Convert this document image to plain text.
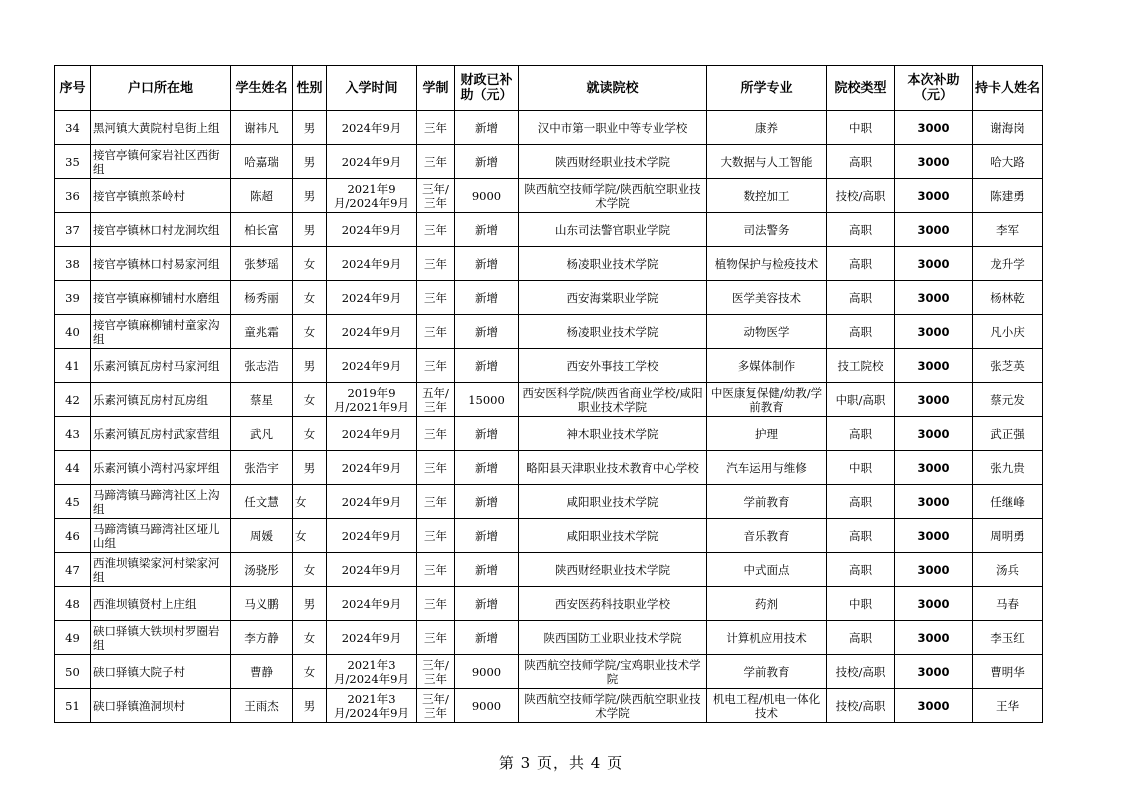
序号	户口所在地	学生姓名	性别	入学时间	学制	财政已补助（元）	就读院校	所学专业	院校类型	本次补助（元）	持卡人姓名
34	黑河镇大黄院村皂街上组	谢祎凡	男	2024年9月	三年	新增	汉中市第一职业中等专业学校	康养	中职	3000	谢海岗
35	接官亭镇何家岩社区西街组	哈嘉瑞	男	2024年9月	三年	新增	陕西财经职业技术学院	大数据与人工智能	高职	3000	哈大路
36	接官亭镇煎茶岭村	陈超	男	2021年9月/2024年9月	三年/三年	9000	陕西航空技师学院/陕西航空职业技术学院	数控加工	技校/高职	3000	陈建勇
37	接官亭镇林口村龙洞坎组	柏长富	男	2024年9月	三年	新增	山东司法警官职业学院	司法警务	高职	3000	李军
38	接官亭镇林口村易家河组	张梦瑶	女	2024年9月	三年	新增	杨凌职业技术学院	植物保护与检疫技术	高职	3000	龙升学
39	接官亭镇麻柳铺村水磨组	杨秀丽	女	2024年9月	三年	新增	西安海棠职业学院	医学美容技术	高职	3000	杨林乾
40	接官亭镇麻柳铺村童家沟组	童兆霜	女	2024年9月	三年	新增	杨凌职业技术学院	动物医学	高职	3000	凡小庆
41	乐素河镇瓦房村马家河组	张志浩	男	2024年9月	三年	新增	西安外事技工学校	多媒体制作	技工院校	3000	张芝英
42	乐素河镇瓦房村瓦房组	蔡星	女	2019年9月/2021年9月	五年/三年	15000	西安医科学院/陕西省商业学校/咸阳职业技术学院	中医康复保健/幼教/学前教育	中职/高职	3000	蔡元发
43	乐素河镇瓦房村武家营组	武凡	女	2024年9月	三年	新增	神木职业技术学院	护理	高职	3000	武正强
44	乐素河镇小湾村冯家坪组	张浩宇	男	2024年9月	三年	新增	略阳县天津职业技术教育中心学校	汽车运用与维修	中职	3000	张九贵
45	马蹄湾镇马蹄湾社区上沟组	任文慧	女	2024年9月	三年	新增	咸阳职业技术学院	学前教育	高职	3000	任继峰
46	马蹄湾镇马蹄湾社区垭儿山组	周媛	女	2024年9月	三年	新增	咸阳职业技术学院	音乐教育	高职	3000	周明勇
47	西淮坝镇梁家河村梁家河组	汤骁彤	女	2024年9月	三年	新增	陕西财经职业技术学院	中式面点	高职	3000	汤兵
48	西淮坝镇贤村上庄组	马义鹏	男	2024年9月	三年	新增	西安医药科技职业学校	药剂	中职	3000	马春
49	硖口驿镇大铁坝村罗圈岩组	李方静	女	2024年9月	三年	新增	陕西国防工业职业技术学院	计算机应用技术	高职	3000	李玉红
50	硖口驿镇大院子村	曹静	女	2021年3月/2024年9月	三年/三年	9000	陕西航空技师学院/宝鸡职业技术学院	学前教育	技校/高职	3000	曹明华
51	硖口驿镇渔洞坝村	王雨杰	男	2021年3月/2024年9月	三年/三年	9000	陕西航空技师学院/陕西航空职业技术学院	机电工程/机电一体化技术	技校/高职	3000	王华
第 3 页，共 4 页
